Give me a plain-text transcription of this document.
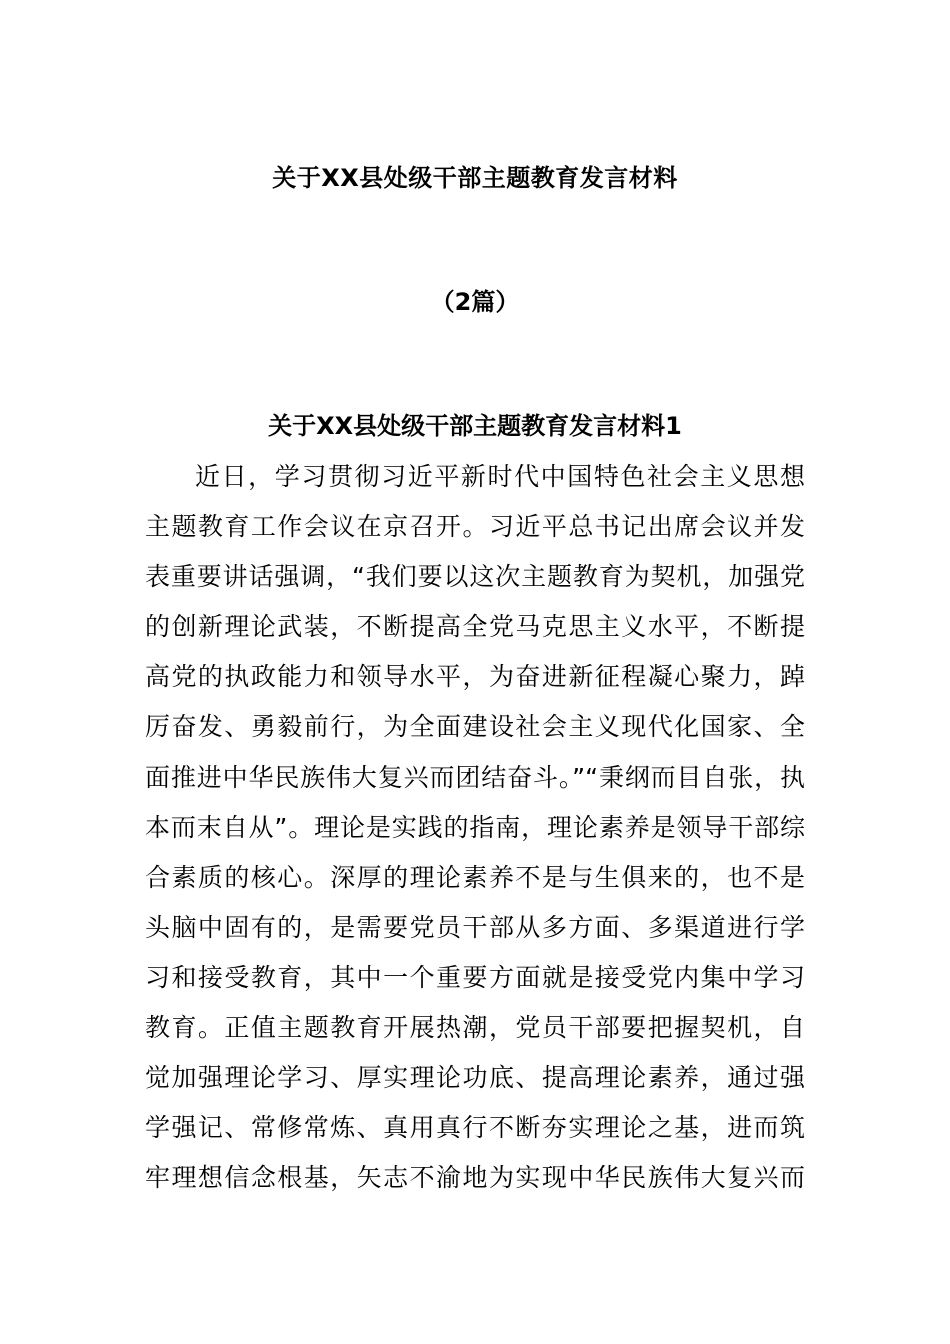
关于XX县处级干部主题教育发言材料
（2篇）
关于XX县处级干部主题教育发言材料1
近日，学习贯彻习近平新时代中国特色社会主义思想
主题教育工作会议在京召开。习近平总书记出席会议并发
表重要讲话强调，“我们要以这次主题教育为契机，加强党
的创新理论武装，不断提高全党马克思主义水平，不断提
高党的执政能力和领导水平，为奋进新征程凝心聚力，踔
厉奋发、勇毅前行，为全面建设社会主义现代化国家、全
面推进中华民族伟大复兴而团结奋斗。”“秉纲而目自张，执
本而末自从”。理论是实践的指南，理论素养是领导干部综
合素质的核心。深厚的理论素养不是与生俱来的，也不是
头脑中固有的，是需要党员干部从多方面、多渠道进行学
习和接受教育，其中一个重要方面就是接受党内集中学习
教育。正值主题教育开展热潮，党员干部要把握契机，自
觉加强理论学习、厚实理论功底、提高理论素养，通过强
学强记、常修常炼、真用真行不断夯实理论之基，进而筑
牢理想信念根基，矢志不渝地为实现中华民族伟大复兴而
